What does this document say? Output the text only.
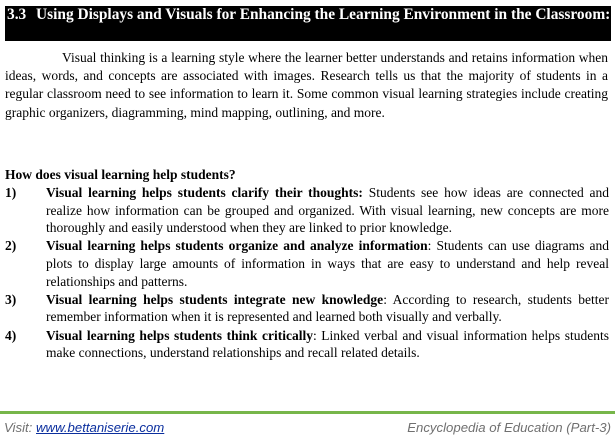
3.3 Using Displays and Visuals for Enhancing the Learning Environment in the Classroom:

Visual thinking is a learning style where the learner better understands and retains information when ideas, words, and concepts are associated with images. Research tells us that the majority of students in a regular classroom need to see information to learn it. Some common visual learning strategies include creating graphic organizers, diagramming, mind mapping, outlining, and more.

How does visual learning help students?

1) Visual learning helps students clarify their thoughts: Students see how ideas are connected and realize how information can be grouped and organized. With visual learning, new concepts are more thoroughly and easily understood when they are linked to prior knowledge.
2) Visual learning helps students organize and analyze information: Students can use diagrams and plots to display large amounts of information in ways that are easy to understand and help reveal relationships and patterns.
3) Visual learning helps students integrate new knowledge: According to research, students better remember information when it is represented and learned both visually and verbally.
4) Visual learning helps students think critically: Linked verbal and visual information helps students make connections, understand relationships and recall related details.
Visit: www.bettaniserie.com	Encyclopedia of Education (Part-3)
